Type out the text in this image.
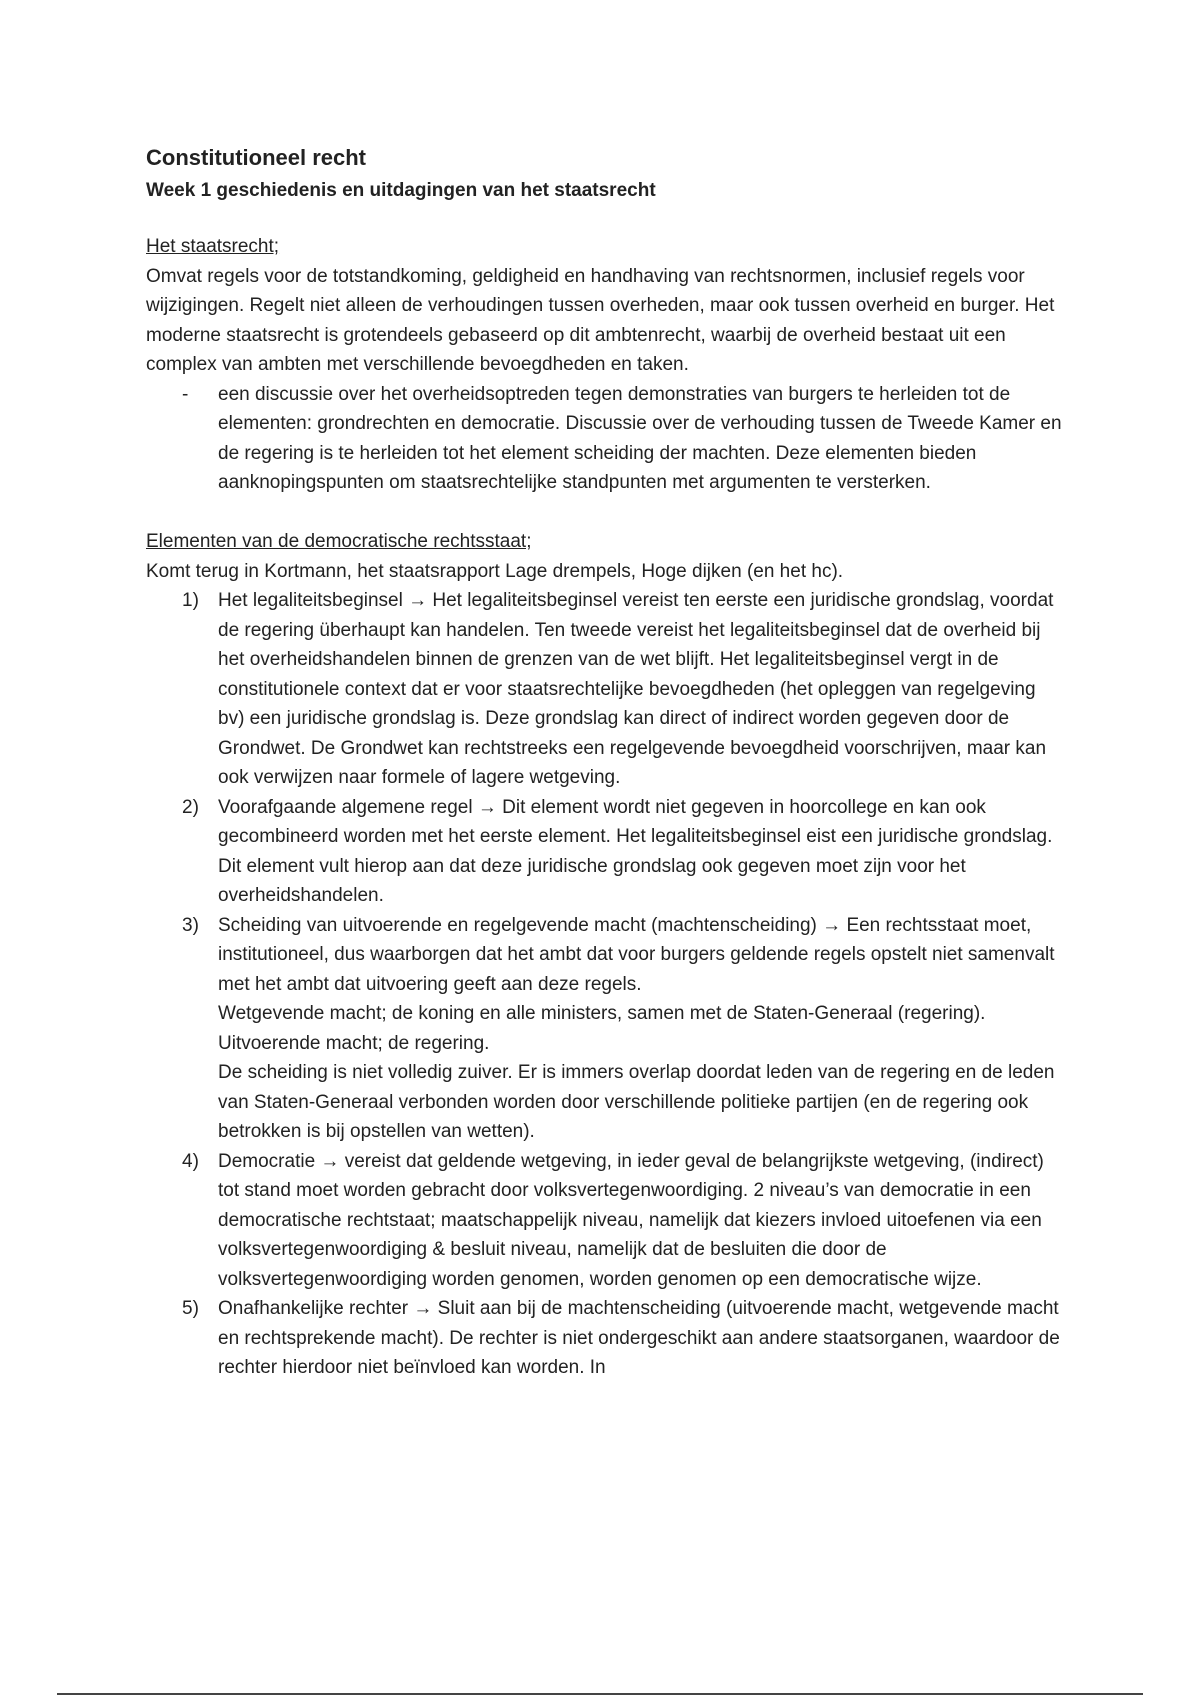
Constitutioneel recht
Week 1 geschiedenis en uitdagingen van het staatsrecht

Het staatsrecht;

Omvat regels voor de totstandkoming, geldigheid en handhaving van rechtsnormen, inclusief regels voor wijzigingen. Regelt niet alleen de verhoudingen tussen overheden, maar ook tussen overheid en burger. Het moderne staatsrecht is grotendeels gebaseerd op dit ambtenrecht, waarbij de overheid bestaat uit een complex van ambten met verschillende bevoegdheden en taken.

- een discussie over het overheidsoptreden tegen demonstraties van burgers te herleiden tot de elementen: grondrechten en democratie. Discussie over de verhouding tussen de Tweede Kamer en de regering is te herleiden tot het element scheiding der machten. Deze elementen bieden aanknopingspunten om staatsrechtelijke standpunten met argumenten te versterken.

Elementen van de democratische rechtsstaat;

Komt terug in Kortmann, het staatsrapport Lage drempels, Hoge dijken (en het hc).

1) Het legaliteitsbeginsel → Het legaliteitsbeginsel vereist ten eerste een juridische grondslag, voordat de regering überhaupt kan handelen. Ten tweede vereist het legaliteitsbeginsel dat de overheid bij het overheidshandelen binnen de grenzen van de wet blijft. Het legaliteitsbeginsel vergt in de constitutionele context dat er voor staatsrechtelijke bevoegdheden (het opleggen van regelgeving bv) een juridische grondslag is. Deze grondslag kan direct of indirect worden gegeven door de Grondwet. De Grondwet kan rechtstreeks een regelgevende bevoegdheid voorschrijven, maar kan ook verwijzen naar formele of lagere wetgeving.

2) Voorafgaande algemene regel → Dit element wordt niet gegeven in hoorcollege en kan ook gecombineerd worden met het eerste element. Het legaliteitsbeginsel eist een juridische grondslag. Dit element vult hierop aan dat deze juridische grondslag ook gegeven moet zijn voor het overheidshandelen.

3) Scheiding van uitvoerende en regelgevende macht (machtenscheiding) → Een rechtsstaat moet, institutioneel, dus waarborgen dat het ambt dat voor burgers geldende regels opstelt niet samenvalt met het ambt dat uitvoering geeft aan deze regels.

Wetgevende macht; de koning en alle ministers, samen met de Staten-Generaal (regering).

Uitvoerende macht; de regering.

De scheiding is niet volledig zuiver. Er is immers overlap doordat leden van de regering en de leden van Staten-Generaal verbonden worden door verschillende politieke partijen (en de regering ook betrokken is bij opstellen van wetten).

4) Democratie → vereist dat geldende wetgeving, in ieder geval de belangrijkste wetgeving, (indirect) tot stand moet worden gebracht door volksvertegenwoordiging. 2 niveau’s van democratie in een democratische rechtstaat; maatschappelijk niveau, namelijk dat kiezers invloed uitoefenen via een volksvertegenwoordiging & besluit niveau, namelijk dat de besluiten die door de volksvertegenwoordiging worden genomen, worden genomen op een democratische wijze.

5) Onafhankelijke rechter → Sluit aan bij de machtenscheiding (uitvoerende macht, wetgevende macht en rechtsprekende macht). De rechter is niet ondergeschikt aan andere staatsorganen, waardoor de rechter hierdoor niet beïnvloed kan worden. In
